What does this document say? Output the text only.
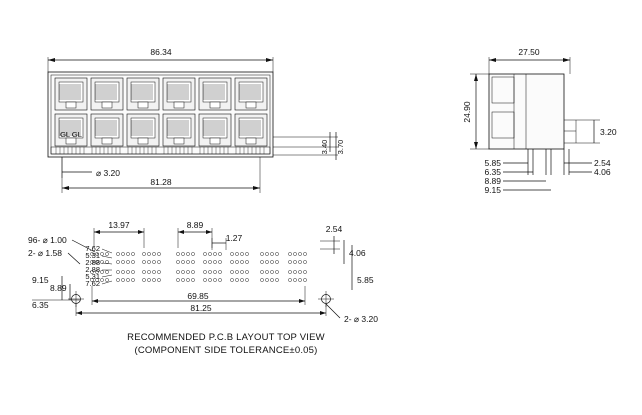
86.34
GL GL
3.40 3.70
⌀ 3.20
81.28
27.50
24.90
3.20
5.85
6.35
8.89
9.15
2.54
4.06
13.97	8.89
1.27
2.54
4.06
5.85
96- ⌀ 1.00
2- ⌀ 1.58	7.62
5.31
2.88
2.88
5.31
7.62
9.15
8.89
6.35
69.85
81.25
2- ⌀ 3.20
RECOMMENDED P.C.B LAYOUT TOP VIEW
(COMPONENT SIDE TOLERANCE±0.05)
